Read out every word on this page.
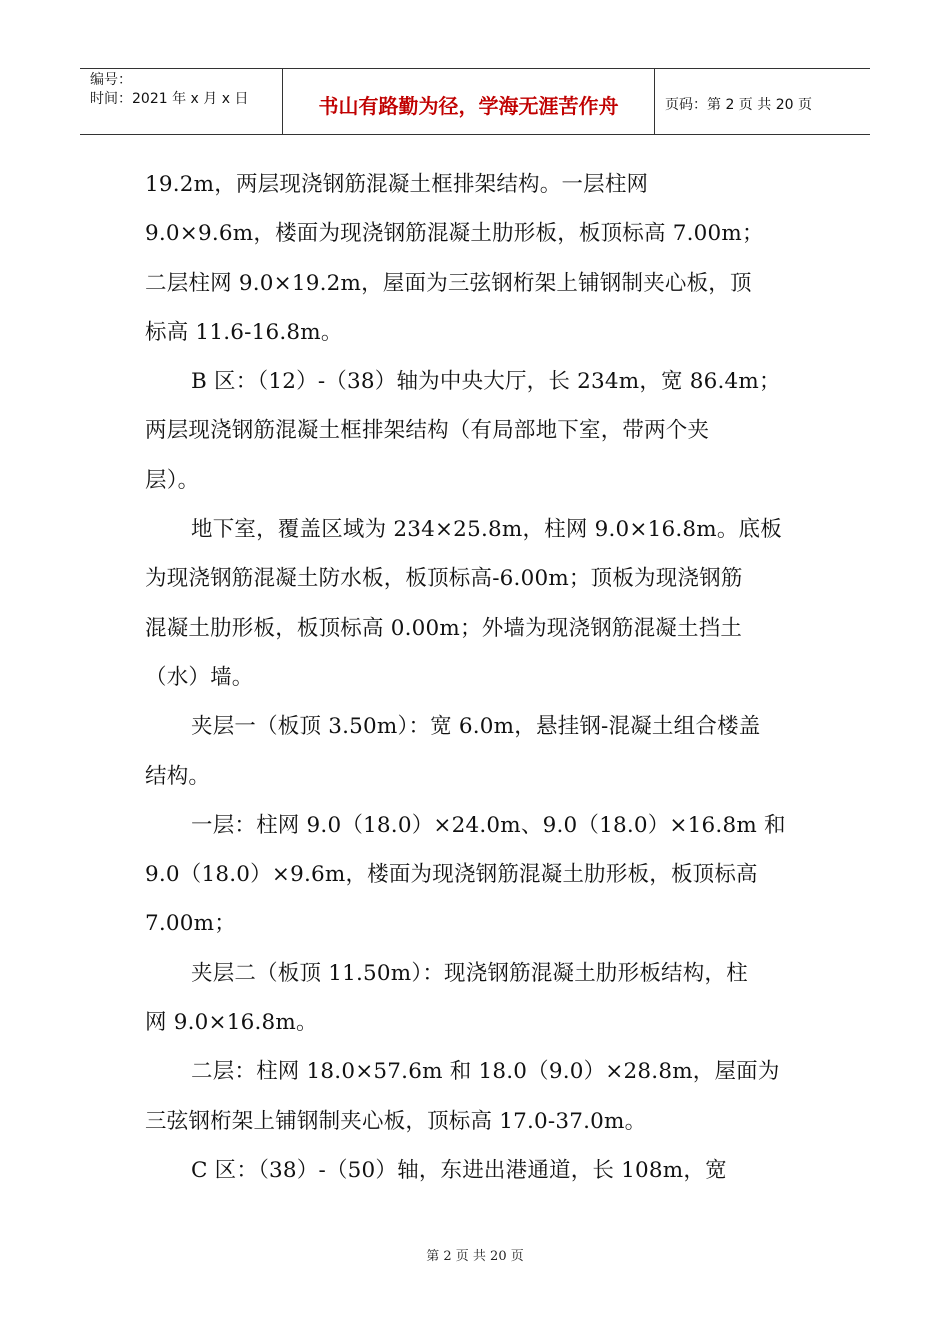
编号：
时间：2021 年 x 月 x 日	书山有路勤为径，学海无涯苦作舟	页码：第 2 页 共 20 页
19.2m，两层现浇钢筋混凝土框排架结构。一层柱网
9.0×9.6m，楼面为现浇钢筋混凝土肋形板，板顶标高 7.00m；
二层柱网 9.0×19.2m，屋面为三弦钢桁架上铺钢制夹心板，顶
标高 11.6-16.8m。
B 区：（12）-（38）轴为中央大厅，长 234m，宽 86.4m；
两层现浇钢筋混凝土框排架结构（有局部地下室，带两个夹
层）。
地下室，覆盖区域为 234×25.8m，柱网 9.0×16.8m。底板
为现浇钢筋混凝土防水板，板顶标高-6.00m；顶板为现浇钢筋
混凝土肋形板，板顶标高 0.00m；外墙为现浇钢筋混凝土挡土
（水）墙。
夹层一（板顶 3.50m）：宽 6.0m，悬挂钢-混凝土组合楼盖
结构。
一层：柱网 9.0（18.0）×24.0m、9.0（18.0）×16.8m 和
9.0（18.0）×9.6m，楼面为现浇钢筋混凝土肋形板，板顶标高
7.00m；
夹层二（板顶 11.50m）：现浇钢筋混凝土肋形板结构，柱
网 9.0×16.8m。
二层：柱网 18.0×57.6m 和 18.0（9.0）×28.8m，屋面为
三弦钢桁架上铺钢制夹心板，顶标高 17.0-37.0m。
C 区：（38）-（50）轴，东进出港通道，长 108m，宽
第 2 页 共 20 页
